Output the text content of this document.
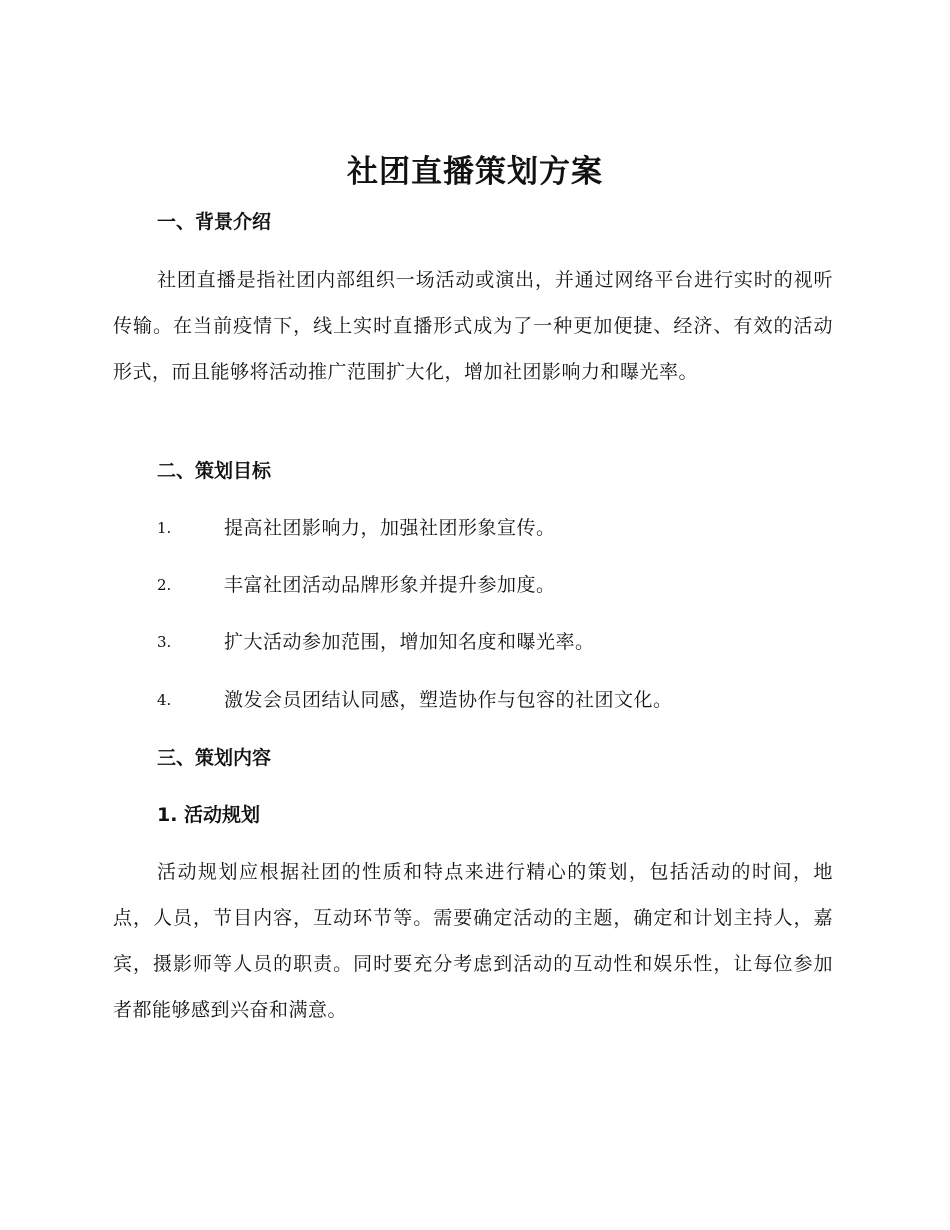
社团直播策划方案
一、背景介绍
社团直播是指社团内部组织一场活动或演出，并通过网络平台进行实时的视听传输。在当前疫情下，线上实时直播形式成为了一种更加便捷、经济、有效的活动形式，而且能够将活动推广范围扩大化，增加社团影响力和曝光率。
二、策划目标
1.	提高社团影响力，加强社团形象宣传。
2.	丰富社团活动品牌形象并提升参加度。
3.	扩大活动参加范围，增加知名度和曝光率。
4.	激发会员团结认同感，塑造协作与包容的社团文化。
三、策划内容
1. 活动规划
活动规划应根据社团的性质和特点来进行精心的策划，包括活动的时间，地点，人员，节目内容，互动环节等。需要确定活动的主题，确定和计划主持人，嘉宾，摄影师等人员的职责。同时要充分考虑到活动的互动性和娱乐性，让每位参加者都能够感到兴奋和满意。
